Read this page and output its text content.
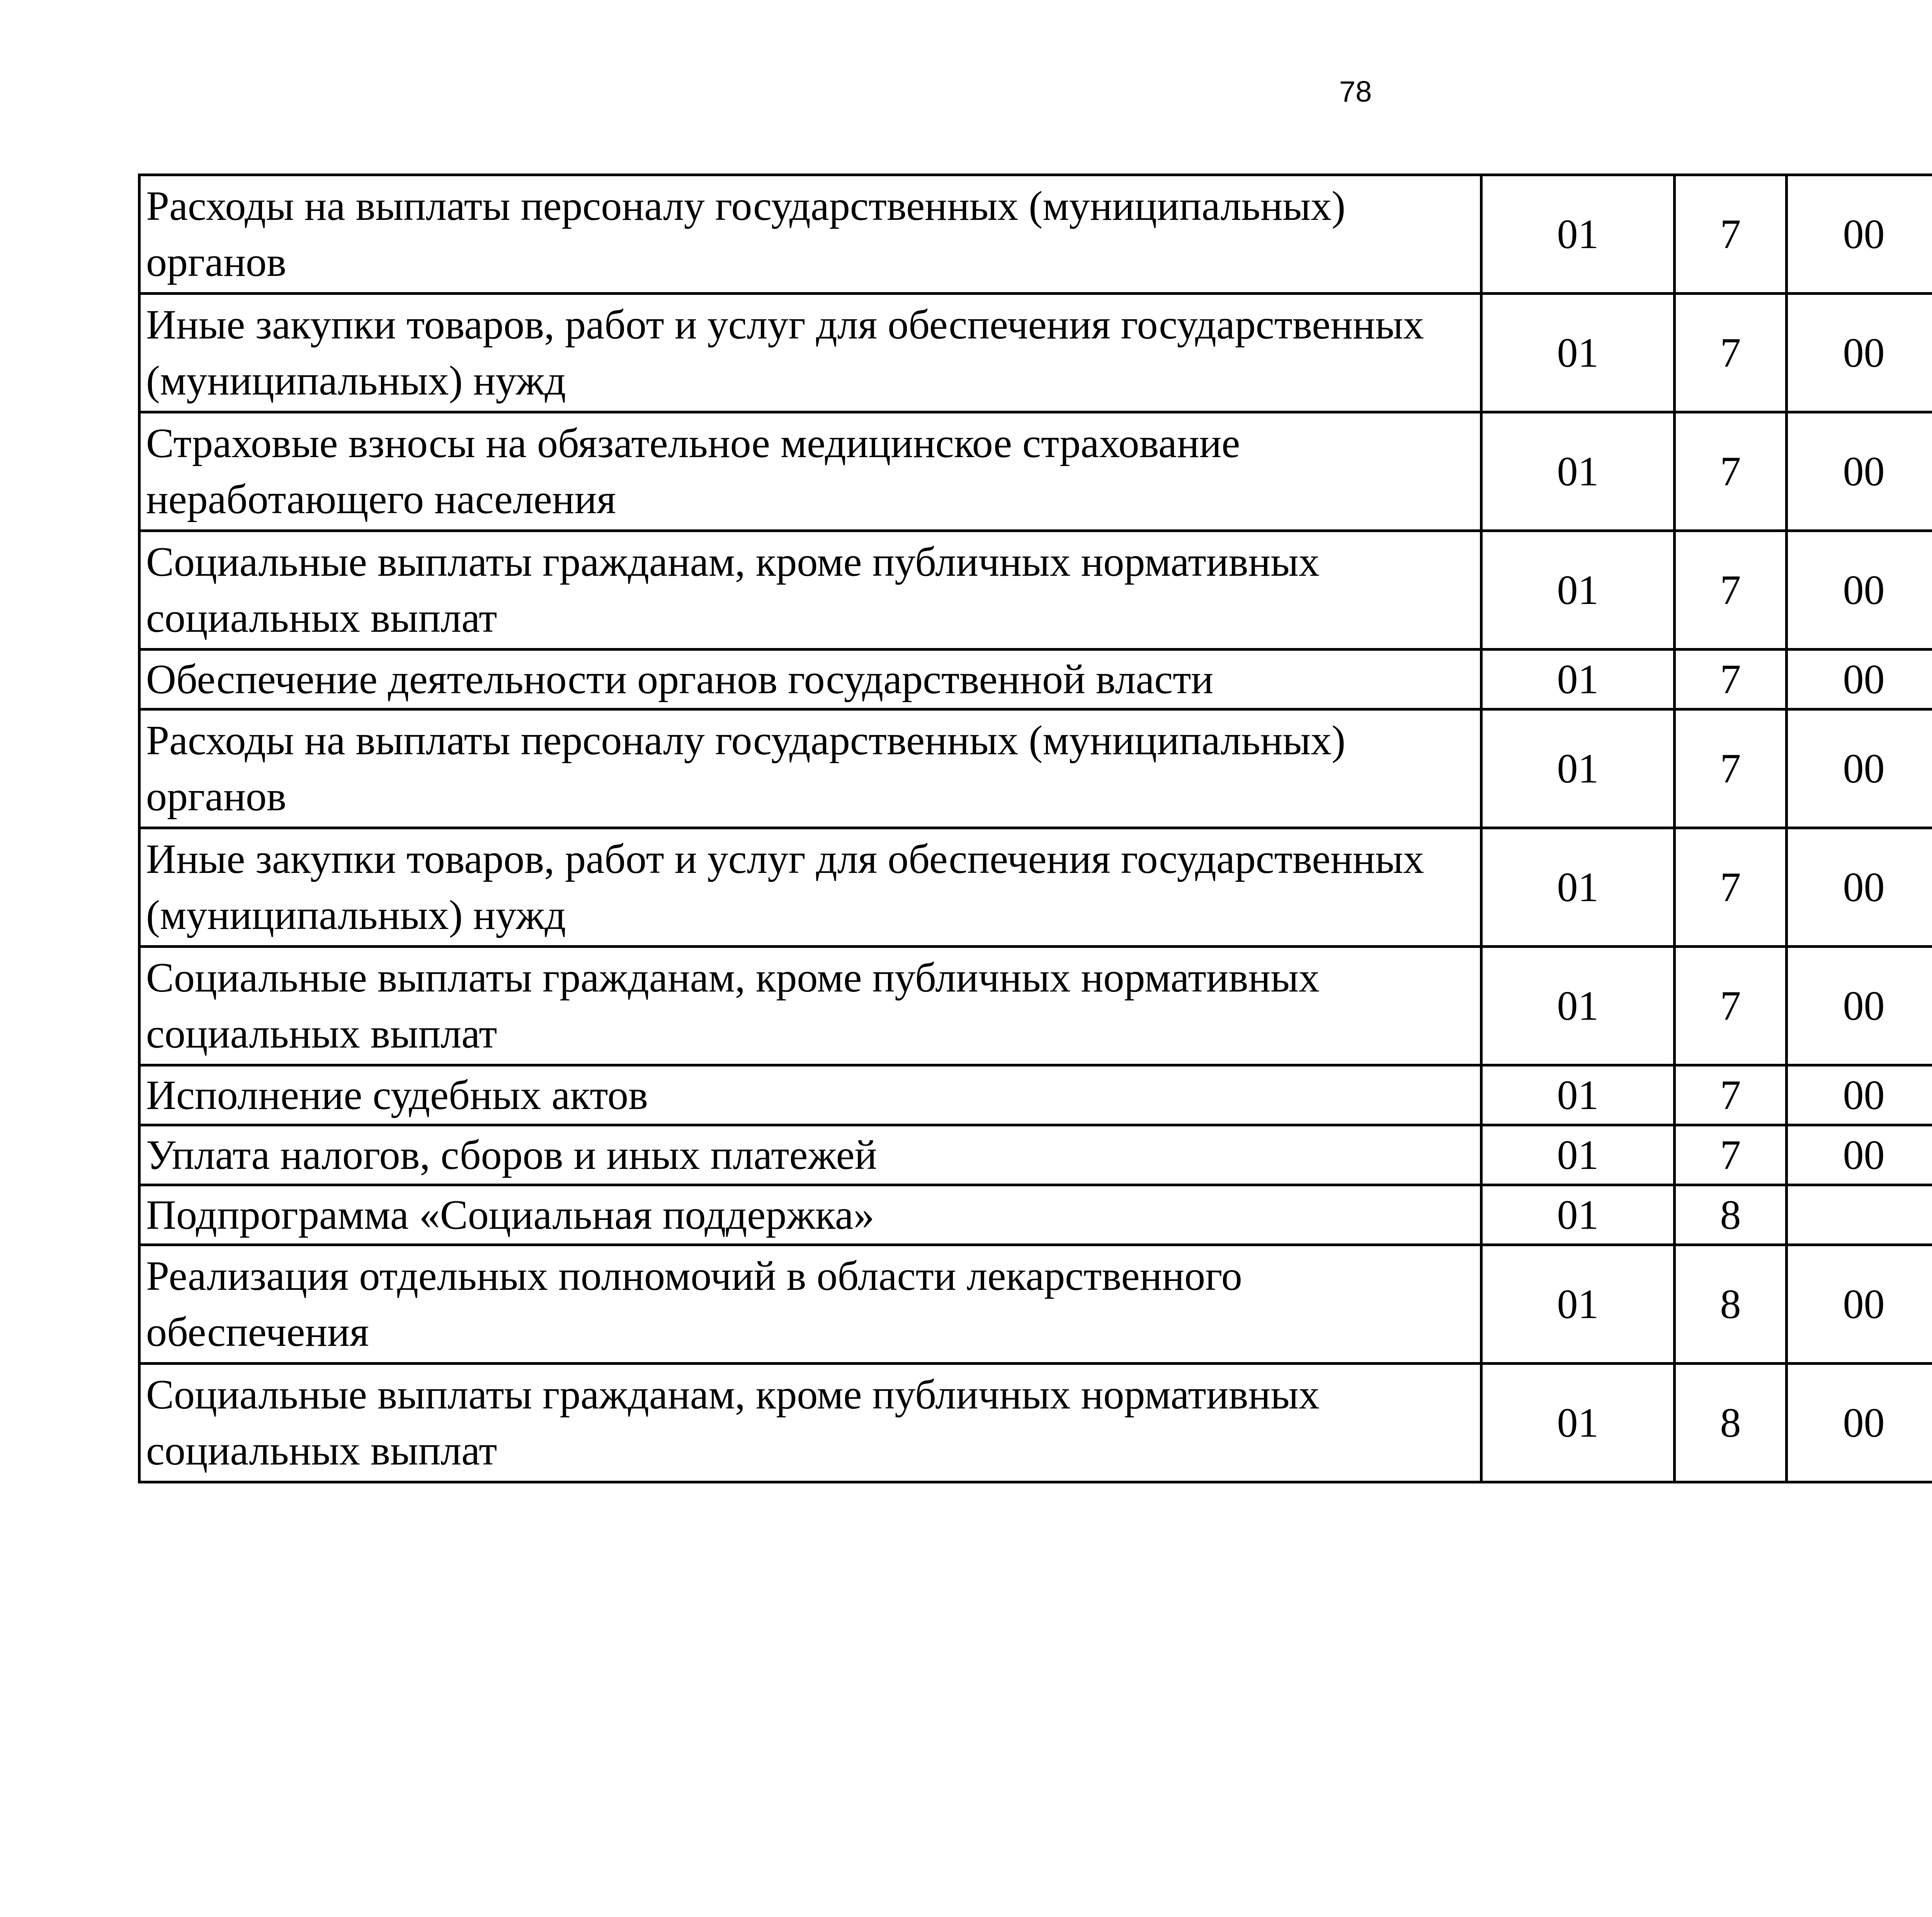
78
Расходы на выплаты персоналу государственных (муниципальных) органов	01	7	00			
Иные закупки товаров, работ и услуг для обеспечения государственных (муниципальных) нужд	01	7	00			
Страховые взносы на обязательное медицинское страхование неработающего населения	01	7	00			
Социальные выплаты гражданам, кроме публичных нормативных социальных выплат	01	7	00			
Обеспечение деятельности органов государственной власти	01	7	00			
Расходы на выплаты персоналу государственных (муниципальных) органов	01	7	00			
Иные закупки товаров, работ и услуг для обеспечения государственных (муниципальных) нужд	01	7	00			
Социальные выплаты гражданам, кроме публичных нормативных социальных выплат	01	7	00			
Исполнение судебных актов	01	7	00			
Уплата налогов, сборов и иных платежей	01	7	00			
Подпрограмма «Социальная поддержка»	01	8				
Реализация отдельных полномочий в области лекарственного обеспечения	01	8	00			
Социальные выплаты гражданам, кроме публичных нормативных социальных выплат	01	8	00			
